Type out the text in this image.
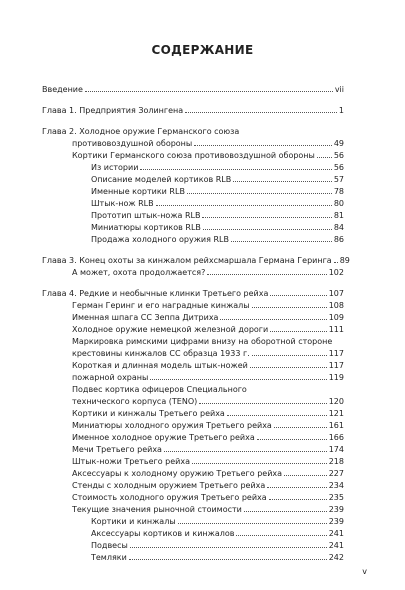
СОДЕРЖАНИЕ
Введение	vii
Глава 1. Предприятия Золингена	1
Глава 2. Холодное оружие Германского союза
противовоздушной обороны	49
Кортики Германского союза противовоздушной обороны 56
Из истории	56
Описание моделей кортиков RLB	57
Именные кортики RLB	78
Штык-нож RLB	80
Прототип штык-ножа RLB	81
Миниатюры кортиков RLB	84
Продажа холодного оружия RLB	86
Глава 3. Конец охоты за кинжалом рейхсмаршала Германа Геринга 89
А может, охота продолжается?	102
Глава 4. Редкие и необычные клинки Третьего рейха	107
Герман Геринг и его наградные кинжалы	108
Именная шпага СС Зеппа Дитриха	109
Холодное оружие немецкой железной дороги	111
Маркировка римскими цифрами внизу на оборотной стороне
крестовины кинжалов СС образца 1933 г.	117
Короткая и длинная модель штык-ножей	117
пожарной охраны	119
Подвес кортика офицеров Специального
технического корпуса (TENO)	120
Кортики и кинжалы Третьего рейха	121
Миниатюры холодного оружия Третьего рейха	161
Именное холодное оружие Третьего рейха	166
Мечи Третьего рейха	174
Штык-ножи Третьего рейха	218
Аксессуары к холодному оружию Третьего рейха	227
Стенды с холодным оружием Третьего рейха	234
Стоимость холодного оружия Третьего рейха	235
Текущие значения рыночной стоимости	239
Кортики и кинжалы	239
Аксессуары кортиков и кинжалов	241
Подвесы	241
Темляки	242
v
